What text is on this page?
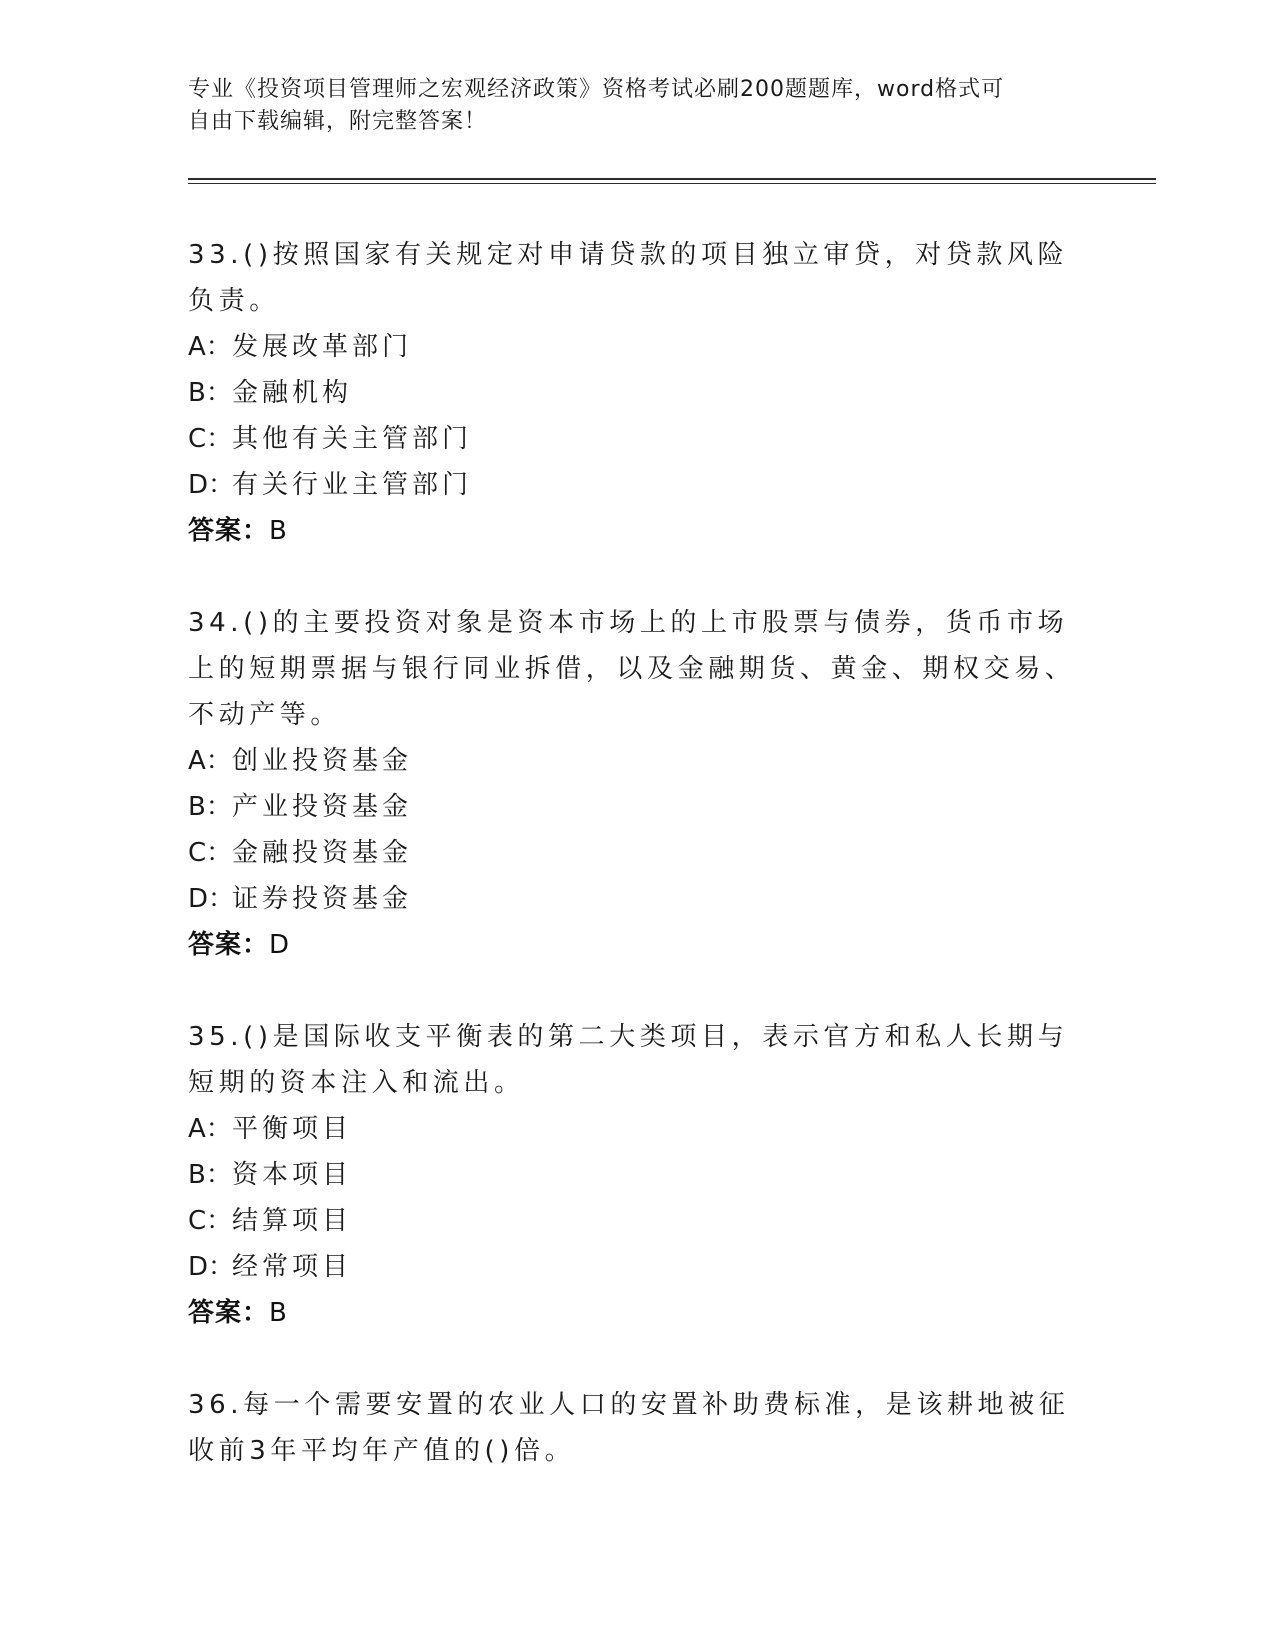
专业《投资项目管理师之宏观经济政策》资格考试必刷200题题库，word格式可
自由下载编辑，附完整答案！
33.()按照国家有关规定对申请贷款的项目独立审贷，对贷款风险负责。
A：发展改革部门
B：金融机构
C：其他有关主管部门
D：有关行业主管部门
答案：B
34.()的主要投资对象是资本市场上的上市股票与债券，货币市场上的短期票据与银行同业拆借，以及金融期货、黄金、期权交易、不动产等。
A：创业投资基金
B：产业投资基金
C：金融投资基金
D：证券投资基金
答案：D
35.()是国际收支平衡表的第二大类项目，表示官方和私人长期与短期的资本注入和流出。
A：平衡项目
B：资本项目
C：结算项目
D：经常项目
答案：B
36.每一个需要安置的农业人口的安置补助费标准，是该耕地被征收前3年平均年产值的()倍。
